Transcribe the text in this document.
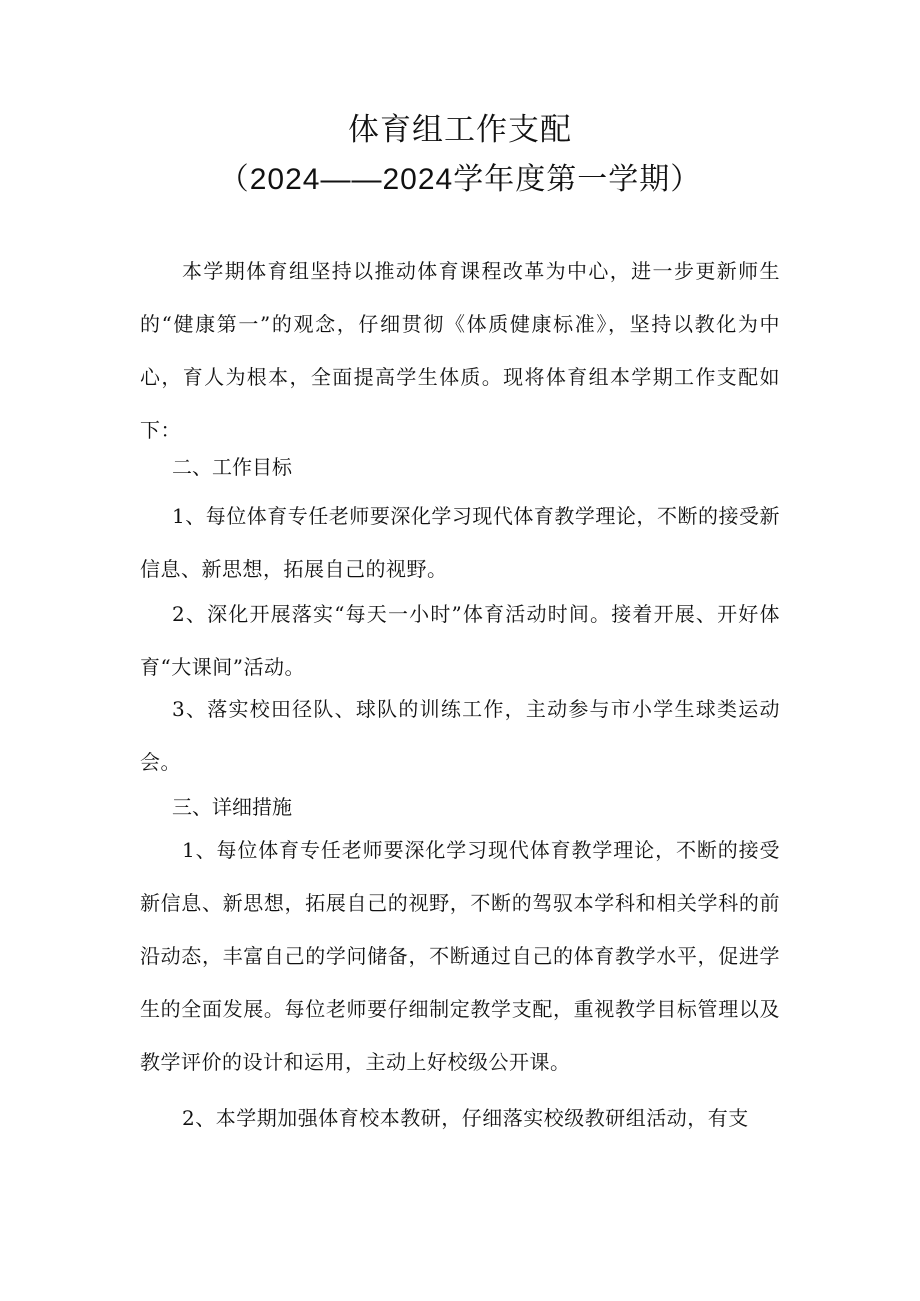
体育组工作支配
（2024——2024学年度第一学期）
本学期体育组坚持以推动体育课程改革为中心，进一步更新师生的“健康第一”的观念，仔细贯彻《体质健康标准》，坚持以教化为中心，育人为根本，全面提高学生体质。现将体育组本学期工作支配如下：
二、工作目标
1、每位体育专任老师要深化学习现代体育教学理论，不断的接受新信息、新思想，拓展自己的视野。
2、深化开展落实“每天一小时”体育活动时间。接着开展、开好体育“大课间”活动。
3、落实校田径队、球队的训练工作，主动参与市小学生球类运动会。
三、详细措施
1、每位体育专任老师要深化学习现代体育教学理论，不断的接受新信息、新思想，拓展自己的视野，不断的驾驭本学科和相关学科的前沿动态，丰富自己的学问储备，不断通过自己的体育教学水平，促进学生的全面发展。每位老师要仔细制定教学支配，重视教学目标管理以及教学评价的设计和运用，主动上好校级公开课。
2、本学期加强体育校本教研，仔细落实校级教研组活动，有支
